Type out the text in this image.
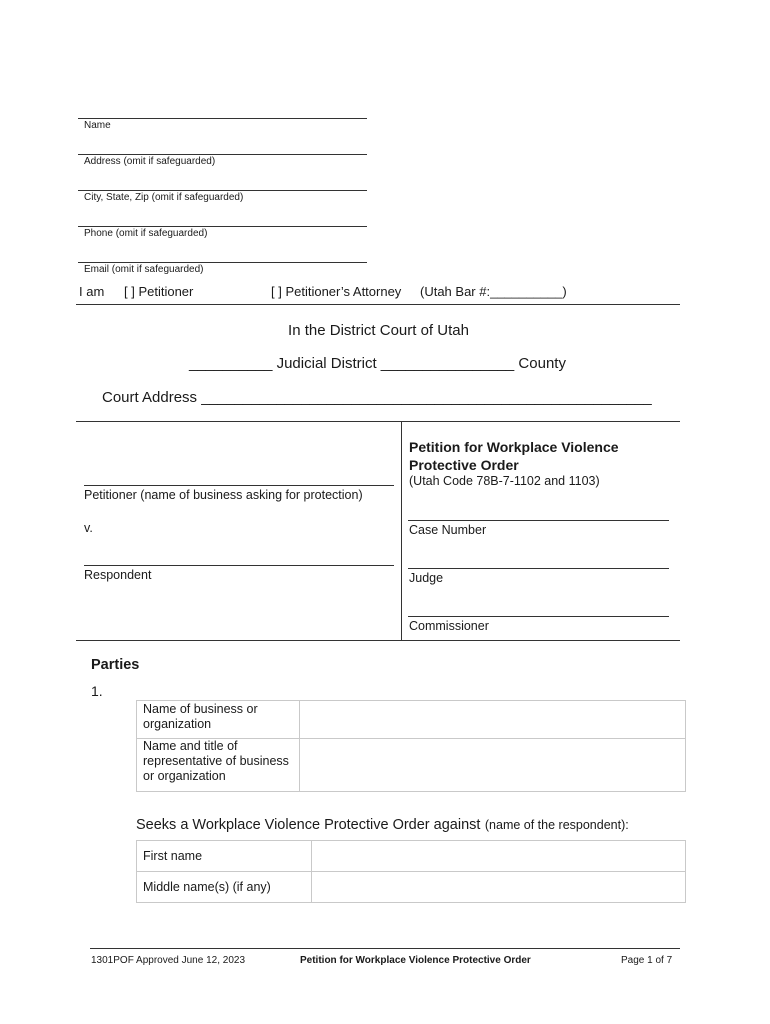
Name
Address (omit if safeguarded)
City, State, Zip (omit if safeguarded)
Phone (omit if safeguarded)
Email (omit if safeguarded)
I am [ ] Petitioner	[ ] Petitioner’s Attorney (Utah Bar #:__________)
In the District Court of Utah
__________ Judicial District ________________ County
Court Address ______________________________________________________
Petitioner (name of business asking for protection)
v.
Respondent
Petition for Workplace Violence Protective Order
(Utah Code 78B-7-1102 and 1103)
Case Number
Judge
Commissioner
Parties
1.
Name of business or organization	

Name and title of representative of business or organization	

Seeks a Workplace Violence Protective Order against (name of the respondent):
First name	

Middle name(s) (if any)	

1301POF Approved June 12, 2023	Petition for Workplace Violence Protective Order	Page 1 of 7
